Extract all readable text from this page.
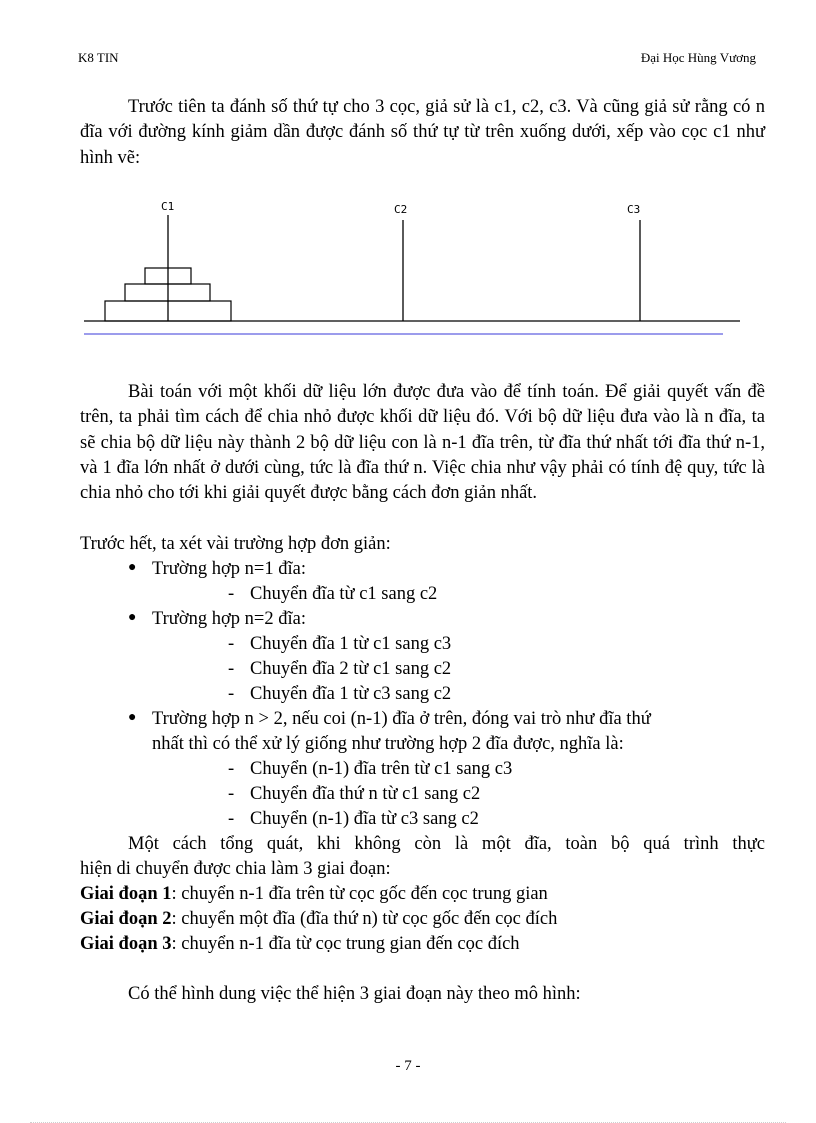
K8 TIN	Đại Học Hùng Vương
Trước tiên ta đánh số thứ tự cho 3 cọc, giả sử là c1, c2, c3. Và cũng giả sử rằng có n đĩa với đường kính giảm dần được đánh số thứ tự từ trên xuống dưới, xếp vào cọc c1 như hình vẽ:
C1	C2	C3
Bài toán với một khối dữ liệu lớn được đưa vào để tính toán. Để giải quyết vấn đề trên, ta phải tìm cách để chia nhỏ được khối dữ liệu đó. Với bộ dữ liệu đưa vào là n đĩa, ta sẽ chia bộ dữ liệu này thành 2 bộ dữ liệu con là n-1 đĩa trên, từ đĩa thứ nhất tới đĩa thứ n-1, và 1 đĩa lớn nhất ở dưới cùng, tức là đĩa thứ n. Việc chia như vậy phải có tính đệ quy, tức là chia nhỏ cho tới khi giải quyết được bằng cách đơn giản nhất.
Trước hết, ta xét vài trường hợp đơn giản:
● Trường hợp n=1 đĩa:
- Chuyển đĩa từ c1 sang c2
● Trường hợp n=2 đĩa:
- Chuyển đĩa 1 từ c1 sang c3
- Chuyển đĩa 2 từ c1 sang c2
- Chuyển đĩa 1 từ c3 sang c2
● Trường hợp n > 2, nếu coi (n-1) đĩa ở trên, đóng vai trò như đĩa thứ
nhất thì có thể xử lý giống như trường hợp 2 đĩa được, nghĩa là:
- Chuyển (n-1) đĩa trên từ c1 sang c3
- Chuyển đĩa thứ n từ c1 sang c2
- Chuyển (n-1) đĩa từ c3 sang c2
Một cách tổng quát, khi không còn là một đĩa, toàn bộ quá trình thực
hiện di chuyển được chia làm 3 giai đoạn:
Giai đoạn 1: chuyển n-1 đĩa trên từ cọc gốc đến cọc trung gian
Giai đoạn 2: chuyển một đĩa (đĩa thứ n) từ cọc gốc đến cọc đích
Giai đoạn 3: chuyển n-1 đĩa từ cọc trung gian đến cọc đích
Có thể hình dung việc thể hiện 3 giai đoạn này theo mô hình:
- 7 -
